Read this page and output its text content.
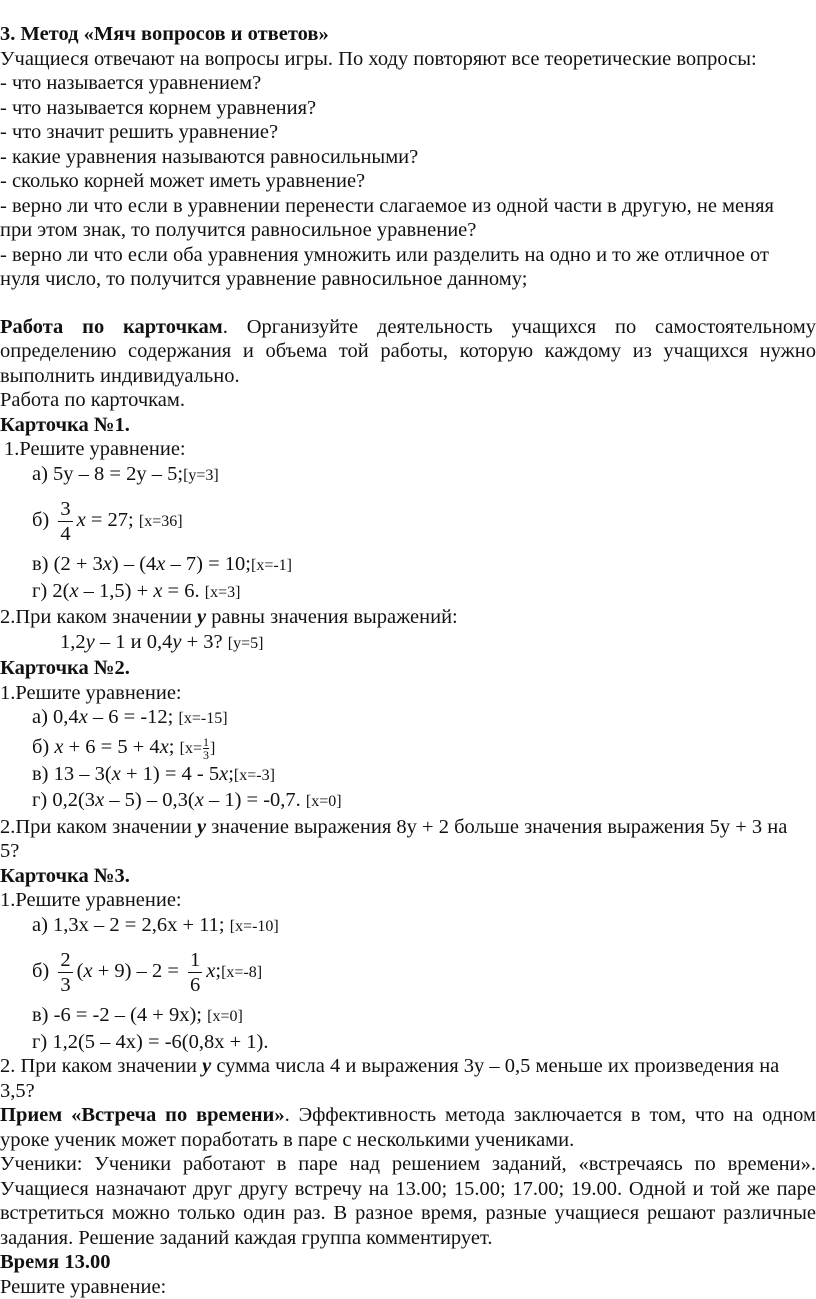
3. Метод «Мяч вопросов и ответов»
Учащиеся отвечают на вопросы игры. По ходу повторяют все теоретические вопросы:
- что называется уравнением?
- что называется корнем уравнения?
- что значит решить уравнение?
- какие уравнения называются равносильными?
- сколько корней может иметь уравнение?
- верно ли что если в уравнении перенести слагаемое из одной части в другую, не меняя
при этом знак, то получится равносильное уравнение?
- верно ли что если оба уравнения умножить или разделить на одно и то же отличное от
нуля число, то получится уравнение равносильное данному;
Работа по карточкам. Организуйте деятельность учащихся по самостоятельному определению содержания и объема той работы, которую каждому из учащихся нужно выполнить индивидуально.
Работа по карточкам.
Карточка №1.
1.Решите уравнение:
а) 5у – 8 = 2у – 5;[у=3]
$б) \frac{3}{4}$ x = 27; [x=36]
в) (2 + 3x) – (4x – 7) = 10;[x=-1]
г) 2(x – 1,5) + x = 6. [x=3]
2.При каком значении у равны значения выражений:
1,2у – 1 и 0,4у + 3? [у=5]
Карточка №2.
1.Решите уравнение:
а) 0,4x – 6 = -12; [x=-15]
б) x + 6 = 5 + 4x; [$x= \frac{1}{3}$ ]
в) 13 – 3(x + 1) = 4 - 5x;[x=-3]
г) 0,2(3x – 5) – 0,3(x – 1) = -0,7. [x=0]
2.При каком значении у значение выражения 8у + 2 больше значения выражения 5у + 3 на
5?
Карточка №3.
1.Решите уравнение:
а) 1,3х – 2 = 2,6х + 11; [x=-10]
$б) \frac{2}{3} (x + 9) - 2 = \frac{1}{6}$ x;[x=-8]
в) -6 = -2 – (4 + 9х); [x=0]
г) 1,2(5 – 4х) = -6(0,8х + 1).
2. При каком значении у сумма числа 4 и выражения 3у – 0,5 меньше их произведения на
3,5?
Прием «Встреча по времени». Эффективность метода заключается в том, что на одном уроке ученик может поработать в паре с несколькими учениками.
Ученики: Ученики работают в паре над решением заданий, «встречаясь по времени». Учащиеся назначают друг другу встречу на 13.00; 15.00; 17.00; 19.00. Одной и той же паре встретиться можно только один раз. В разное время, разные учащиеся решают различные задания. Решение заданий каждая группа комментирует.
Время 13.00
Решите уравнение:
